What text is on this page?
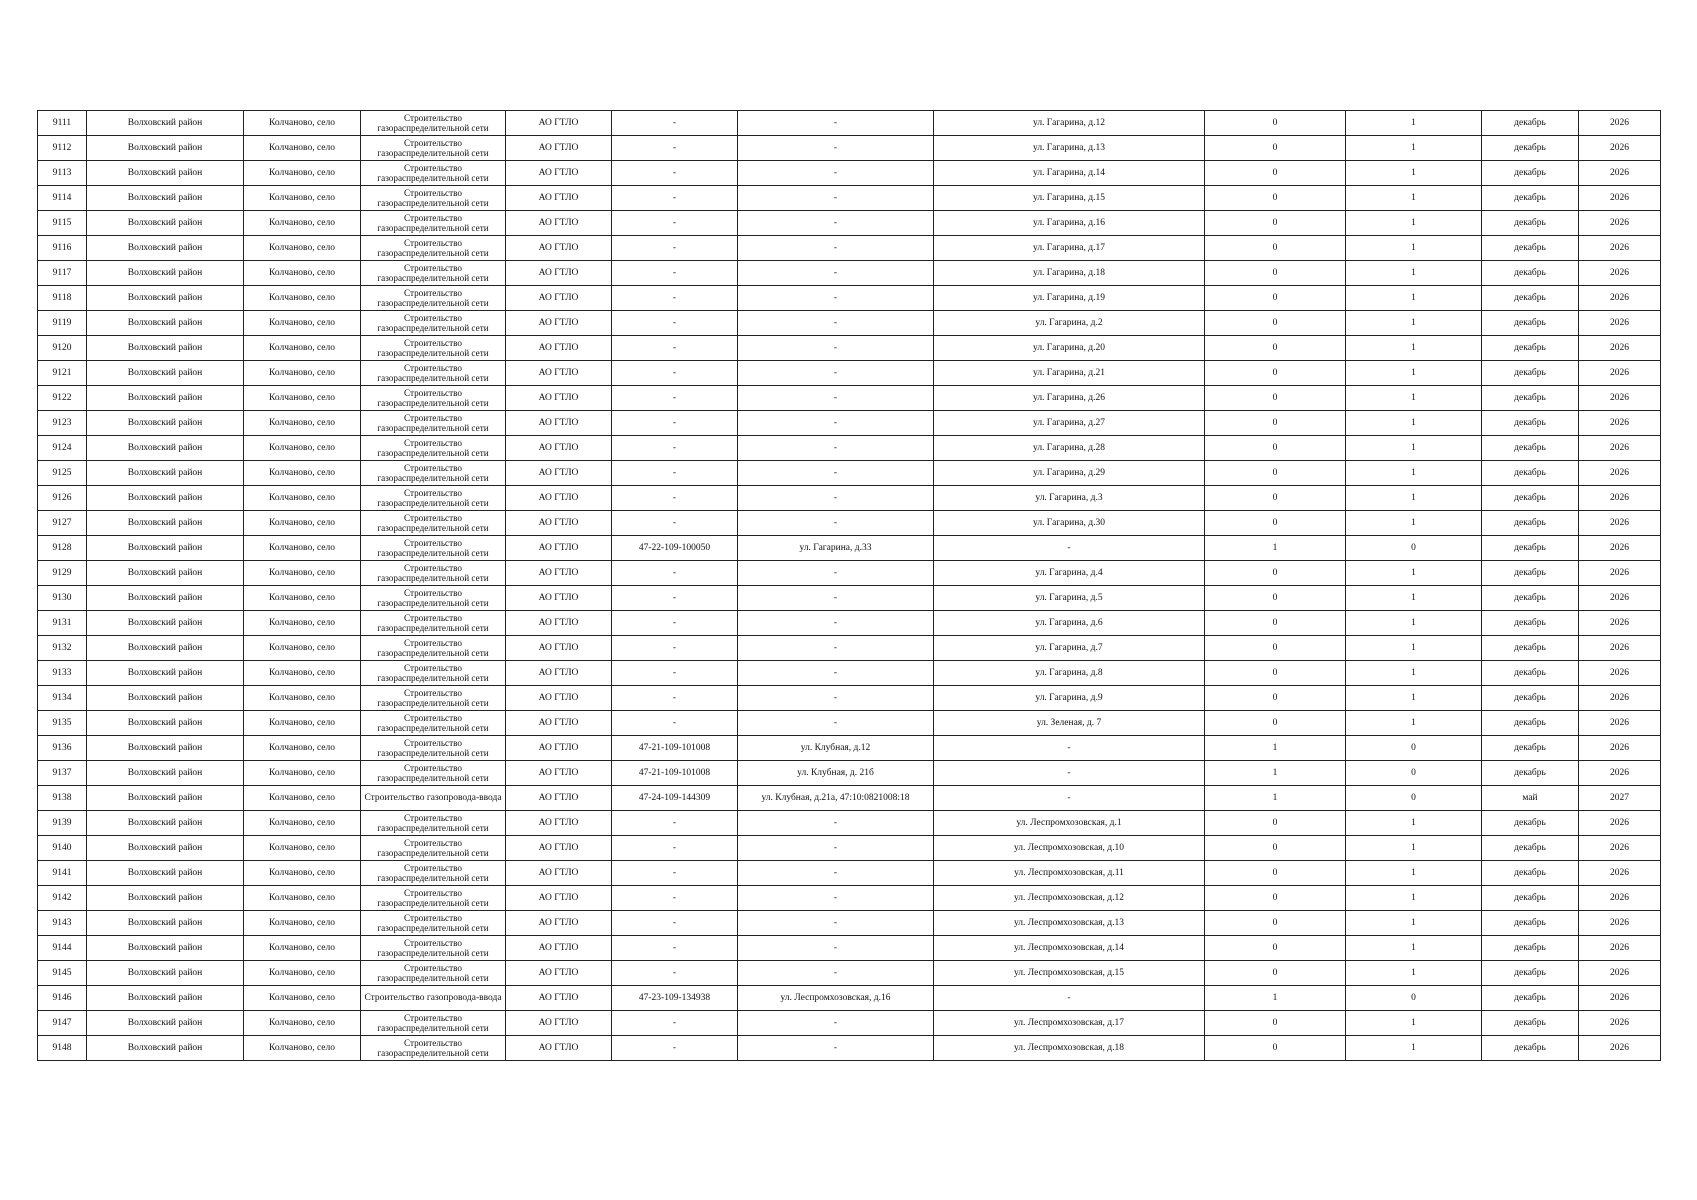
9111	Волховский район	Колчаново, село	Строительство газораспределительной сети	АО ГТЛО	-	-	ул. Гагарина, д.12	0	1	декабрь	2026
9112	Волховский район	Колчаново, село	Строительство газораспределительной сети	АО ГТЛО	-	-	ул. Гагарина, д.13	0	1	декабрь	2026
9113	Волховский район	Колчаново, село	Строительство газораспределительной сети	АО ГТЛО	-	-	ул. Гагарина, д.14	0	1	декабрь	2026
9114	Волховский район	Колчаново, село	Строительство газораспределительной сети	АО ГТЛО	-	-	ул. Гагарина, д.15	0	1	декабрь	2026
9115	Волховский район	Колчаново, село	Строительство газораспределительной сети	АО ГТЛО	-	-	ул. Гагарина, д.16	0	1	декабрь	2026
9116	Волховский район	Колчаново, село	Строительство газораспределительной сети	АО ГТЛО	-	-	ул. Гагарина, д.17	0	1	декабрь	2026
9117	Волховский район	Колчаново, село	Строительство газораспределительной сети	АО ГТЛО	-	-	ул. Гагарина, д.18	0	1	декабрь	2026
9118	Волховский район	Колчаново, село	Строительство газораспределительной сети	АО ГТЛО	-	-	ул. Гагарина, д.19	0	1	декабрь	2026
9119	Волховский район	Колчаново, село	Строительство газораспределительной сети	АО ГТЛО	-	-	ул. Гагарина, д.2	0	1	декабрь	2026
9120	Волховский район	Колчаново, село	Строительство газораспределительной сети	АО ГТЛО	-	-	ул. Гагарина, д.20	0	1	декабрь	2026
9121	Волховский район	Колчаново, село	Строительство газораспределительной сети	АО ГТЛО	-	-	ул. Гагарина, д.21	0	1	декабрь	2026
9122	Волховский район	Колчаново, село	Строительство газораспределительной сети	АО ГТЛО	-	-	ул. Гагарина, д.26	0	1	декабрь	2026
9123	Волховский район	Колчаново, село	Строительство газораспределительной сети	АО ГТЛО	-	-	ул. Гагарина, д.27	0	1	декабрь	2026
9124	Волховский район	Колчаново, село	Строительство газораспределительной сети	АО ГТЛО	-	-	ул. Гагарина, д.28	0	1	декабрь	2026
9125	Волховский район	Колчаново, село	Строительство газораспределительной сети	АО ГТЛО	-	-	ул. Гагарина, д.29	0	1	декабрь	2026
9126	Волховский район	Колчаново, село	Строительство газораспределительной сети	АО ГТЛО	-	-	ул. Гагарина, д.3	0	1	декабрь	2026
9127	Волховский район	Колчаново, село	Строительство газораспределительной сети	АО ГТЛО	-	-	ул. Гагарина, д.30	0	1	декабрь	2026
9128	Волховский район	Колчаново, село	Строительство газораспределительной сети	АО ГТЛО	47-22-109-100050	ул. Гагарина, д.33	-	1	0	декабрь	2026
9129	Волховский район	Колчаново, село	Строительство газораспределительной сети	АО ГТЛО	-	-	ул. Гагарина, д.4	0	1	декабрь	2026
9130	Волховский район	Колчаново, село	Строительство газораспределительной сети	АО ГТЛО	-	-	ул. Гагарина, д.5	0	1	декабрь	2026
9131	Волховский район	Колчаново, село	Строительство газораспределительной сети	АО ГТЛО	-	-	ул. Гагарина, д.6	0	1	декабрь	2026
9132	Волховский район	Колчаново, село	Строительство газораспределительной сети	АО ГТЛО	-	-	ул. Гагарина, д.7	0	1	декабрь	2026
9133	Волховский район	Колчаново, село	Строительство газораспределительной сети	АО ГТЛО	-	-	ул. Гагарина, д.8	0	1	декабрь	2026
9134	Волховский район	Колчаново, село	Строительство газораспределительной сети	АО ГТЛО	-	-	ул. Гагарина, д.9	0	1	декабрь	2026
9135	Волховский район	Колчаново, село	Строительство газораспределительной сети	АО ГТЛО	-	-	ул. Зеленая, д. 7	0	1	декабрь	2026
9136	Волховский район	Колчаново, село	Строительство газораспределительной сети	АО ГТЛО	47-21-109-101008	ул. Клубная, д.12	-	1	0	декабрь	2026
9137	Волховский район	Колчаново, село	Строительство газораспределительной сети	АО ГТЛО	47-21-109-101008	ул. Клубная, д. 21б	-	1	0	декабрь	2026
9138	Волховский район	Колчаново, село	Строительство газопровода-ввода	АО ГТЛО	47-24-109-144309	ул. Клубная, д.21а, 47:10:0821008:18	-	1	0	май	2027
9139	Волховский район	Колчаново, село	Строительство газораспределительной сети	АО ГТЛО	-	-	ул. Леспромхозовская, д.1	0	1	декабрь	2026
9140	Волховский район	Колчаново, село	Строительство газораспределительной сети	АО ГТЛО	-	-	ул. Леспромхозовская, д.10	0	1	декабрь	2026
9141	Волховский район	Колчаново, село	Строительство газораспределительной сети	АО ГТЛО	-	-	ул. Леспромхозовская, д.11	0	1	декабрь	2026
9142	Волховский район	Колчаново, село	Строительство газораспределительной сети	АО ГТЛО	-	-	ул. Леспромхозовская, д.12	0	1	декабрь	2026
9143	Волховский район	Колчаново, село	Строительство газораспределительной сети	АО ГТЛО	-	-	ул. Леспромхозовская, д.13	0	1	декабрь	2026
9144	Волховский район	Колчаново, село	Строительство газораспределительной сети	АО ГТЛО	-	-	ул. Леспромхозовская, д.14	0	1	декабрь	2026
9145	Волховский район	Колчаново, село	Строительство газораспределительной сети	АО ГТЛО	-	-	ул. Леспромхозовская, д.15	0	1	декабрь	2026
9146	Волховский район	Колчаново, село	Строительство газопровода-ввода	АО ГТЛО	47-23-109-134938	ул. Леспромхозовская, д.16	-	1	0	декабрь	2026
9147	Волховский район	Колчаново, село	Строительство газораспределительной сети	АО ГТЛО	-	-	ул. Леспромхозовская, д.17	0	1	декабрь	2026
9148	Волховский район	Колчаново, село	Строительство газораспределительной сети	АО ГТЛО	-	-	ул. Леспромхозовская, д.18	0	1	декабрь	2026
